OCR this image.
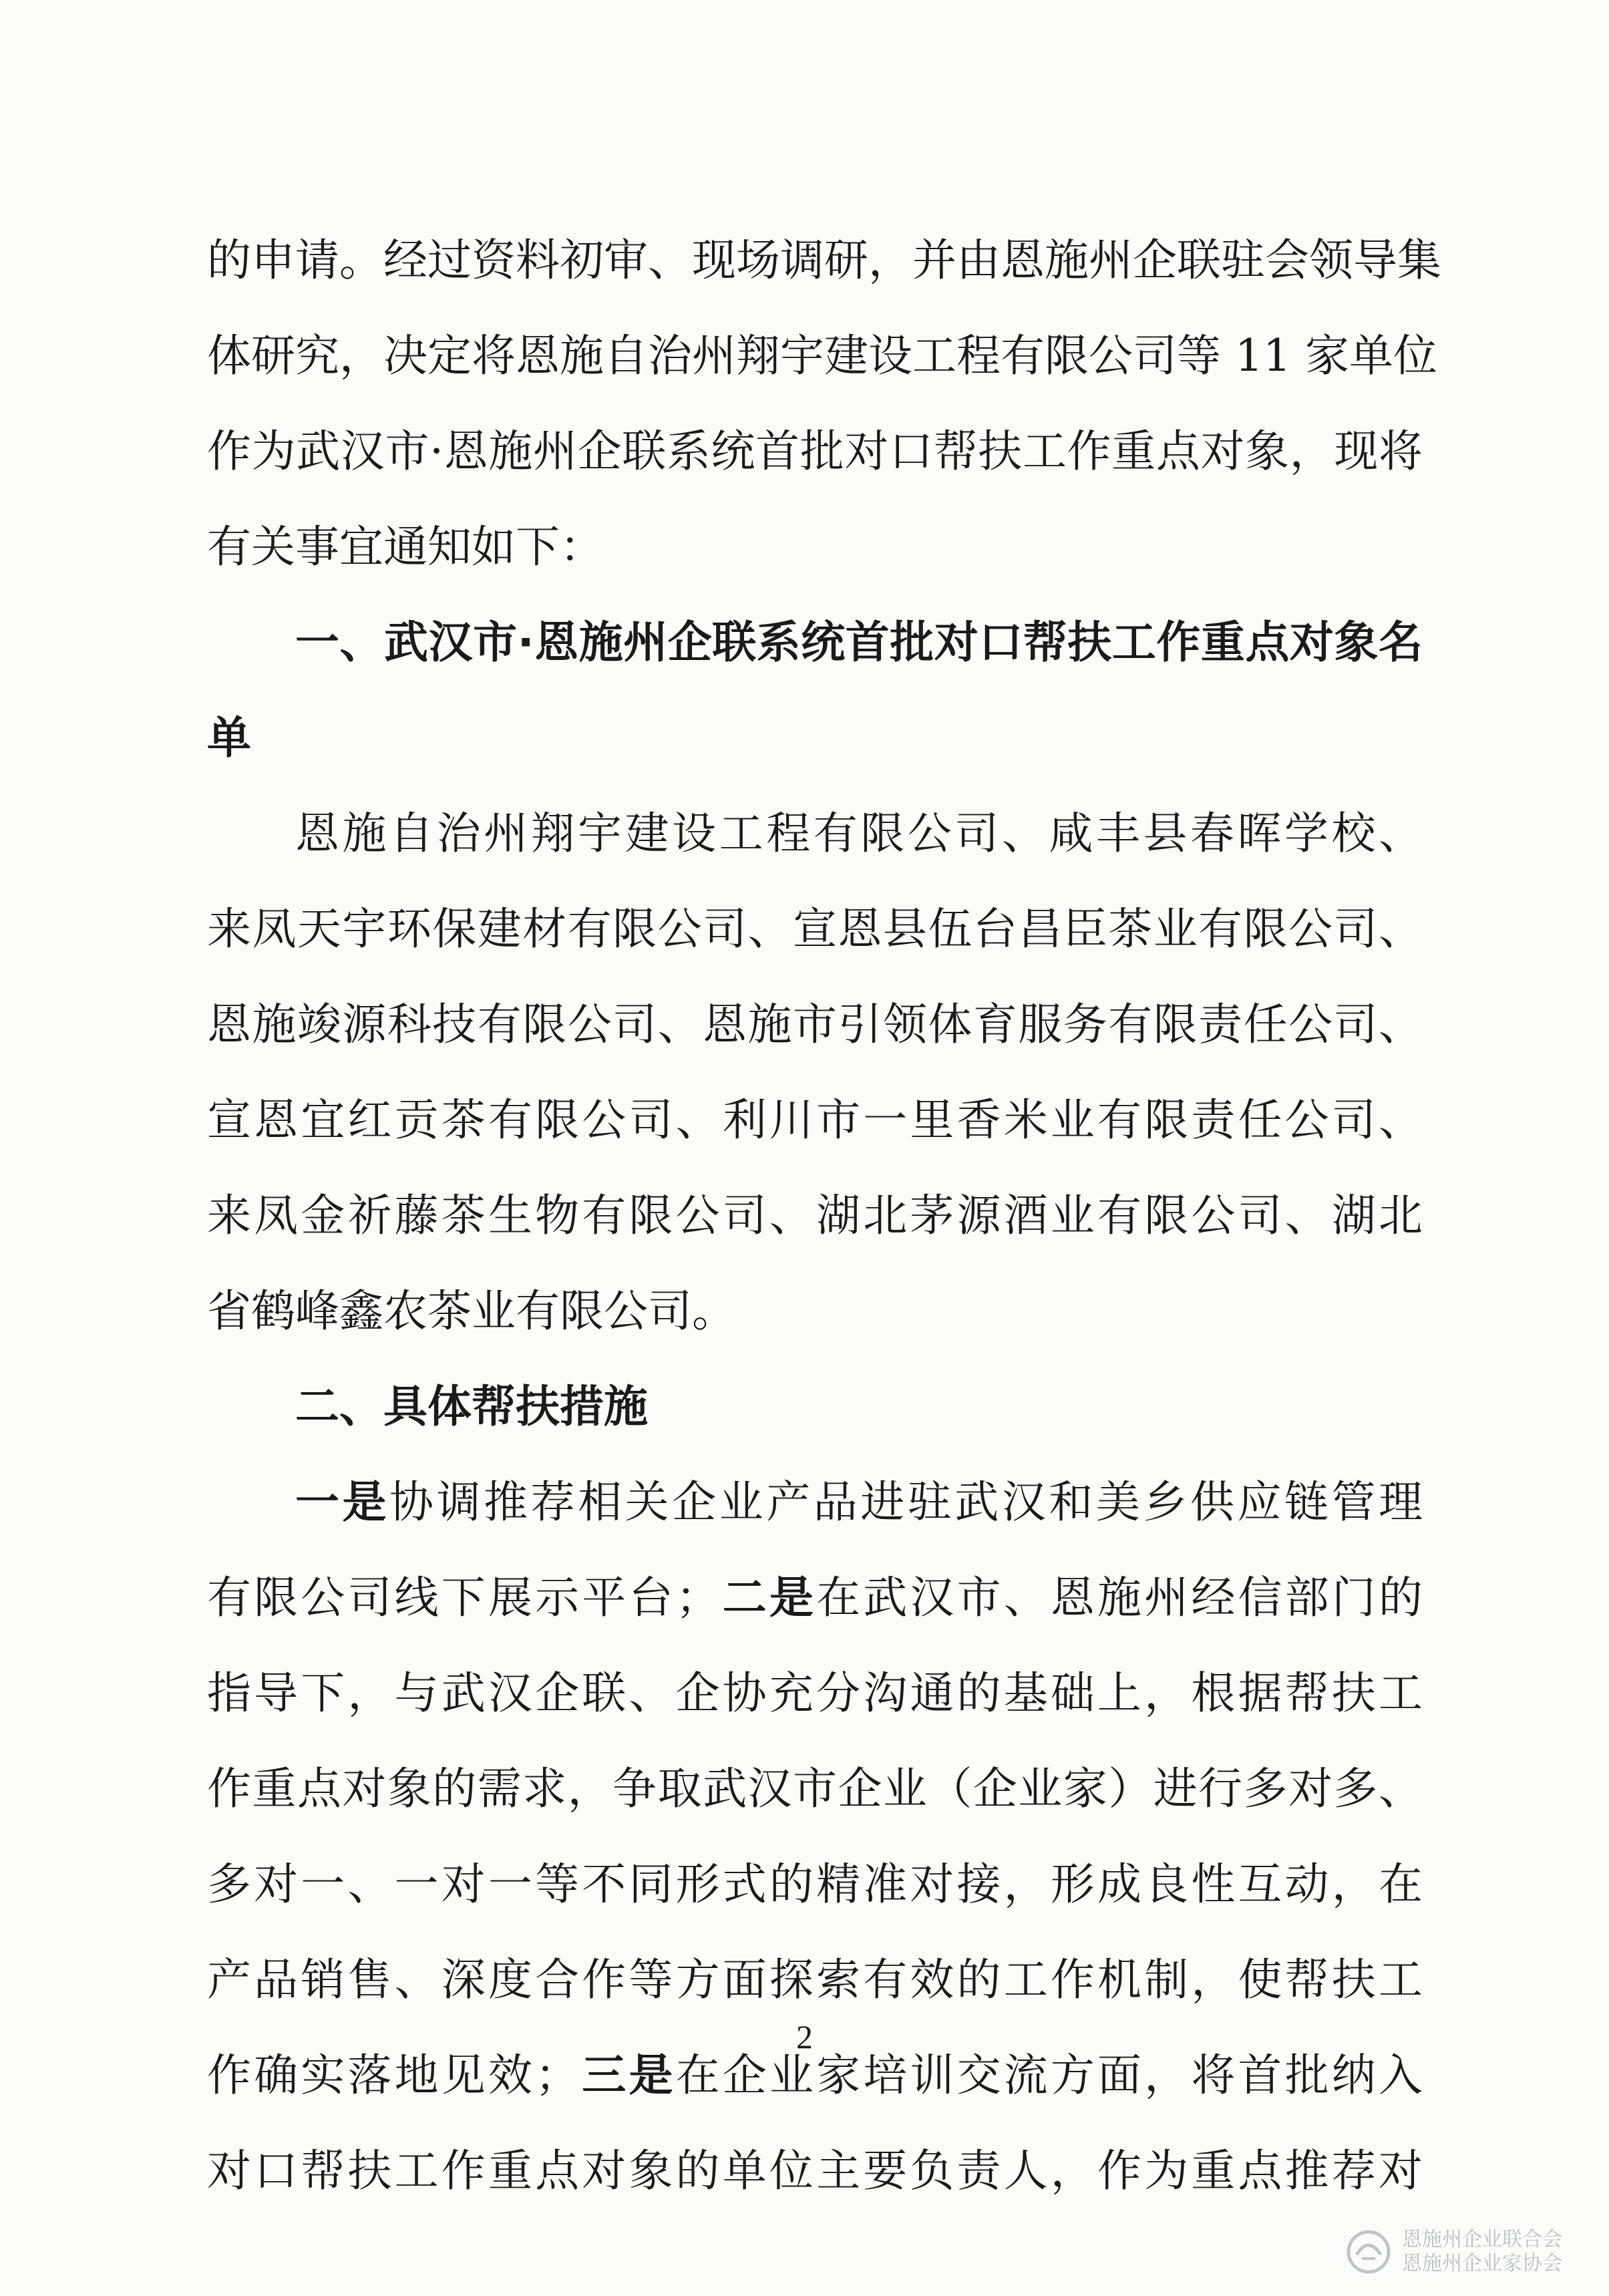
的申请。经过资料初审、现场调研，并由恩施州企联驻会领导集
体研究，决定将恩施自治州翔宇建设工程有限公司等 11 家单位
作为武汉市·恩施州企联系统首批对口帮扶工作重点对象，现将
有关事宜通知如下：
一、武汉市·恩施州企联系统首批对口帮扶工作重点对象名
单
恩施自治州翔宇建设工程有限公司、咸丰县春晖学校、
来凤天宇环保建材有限公司、宣恩县伍台昌臣茶业有限公司、
恩施竣源科技有限公司、恩施市引领体育服务有限责任公司、
宣恩宜红贡茶有限公司、利川市一里香米业有限责任公司、
来凤金祈藤茶生物有限公司、湖北茅源酒业有限公司、湖北
省鹤峰鑫农茶业有限公司。
二、具体帮扶措施
一是协调推荐相关企业产品进驻武汉和美乡供应链管理
有限公司线下展示平台；二是在武汉市、恩施州经信部门的
指导下，与武汉企联、企协充分沟通的基础上，根据帮扶工
作重点对象的需求，争取武汉市企业（企业家）进行多对多、
多对一、一对一等不同形式的精准对接，形成良性互动，在
产品销售、深度合作等方面探索有效的工作机制，使帮扶工
作确实落地见效；三是在企业家培训交流方面，将首批纳入
对口帮扶工作重点对象的单位主要负责人，作为重点推荐对
2
恩施州企业联合会
恩施州企业家协会
